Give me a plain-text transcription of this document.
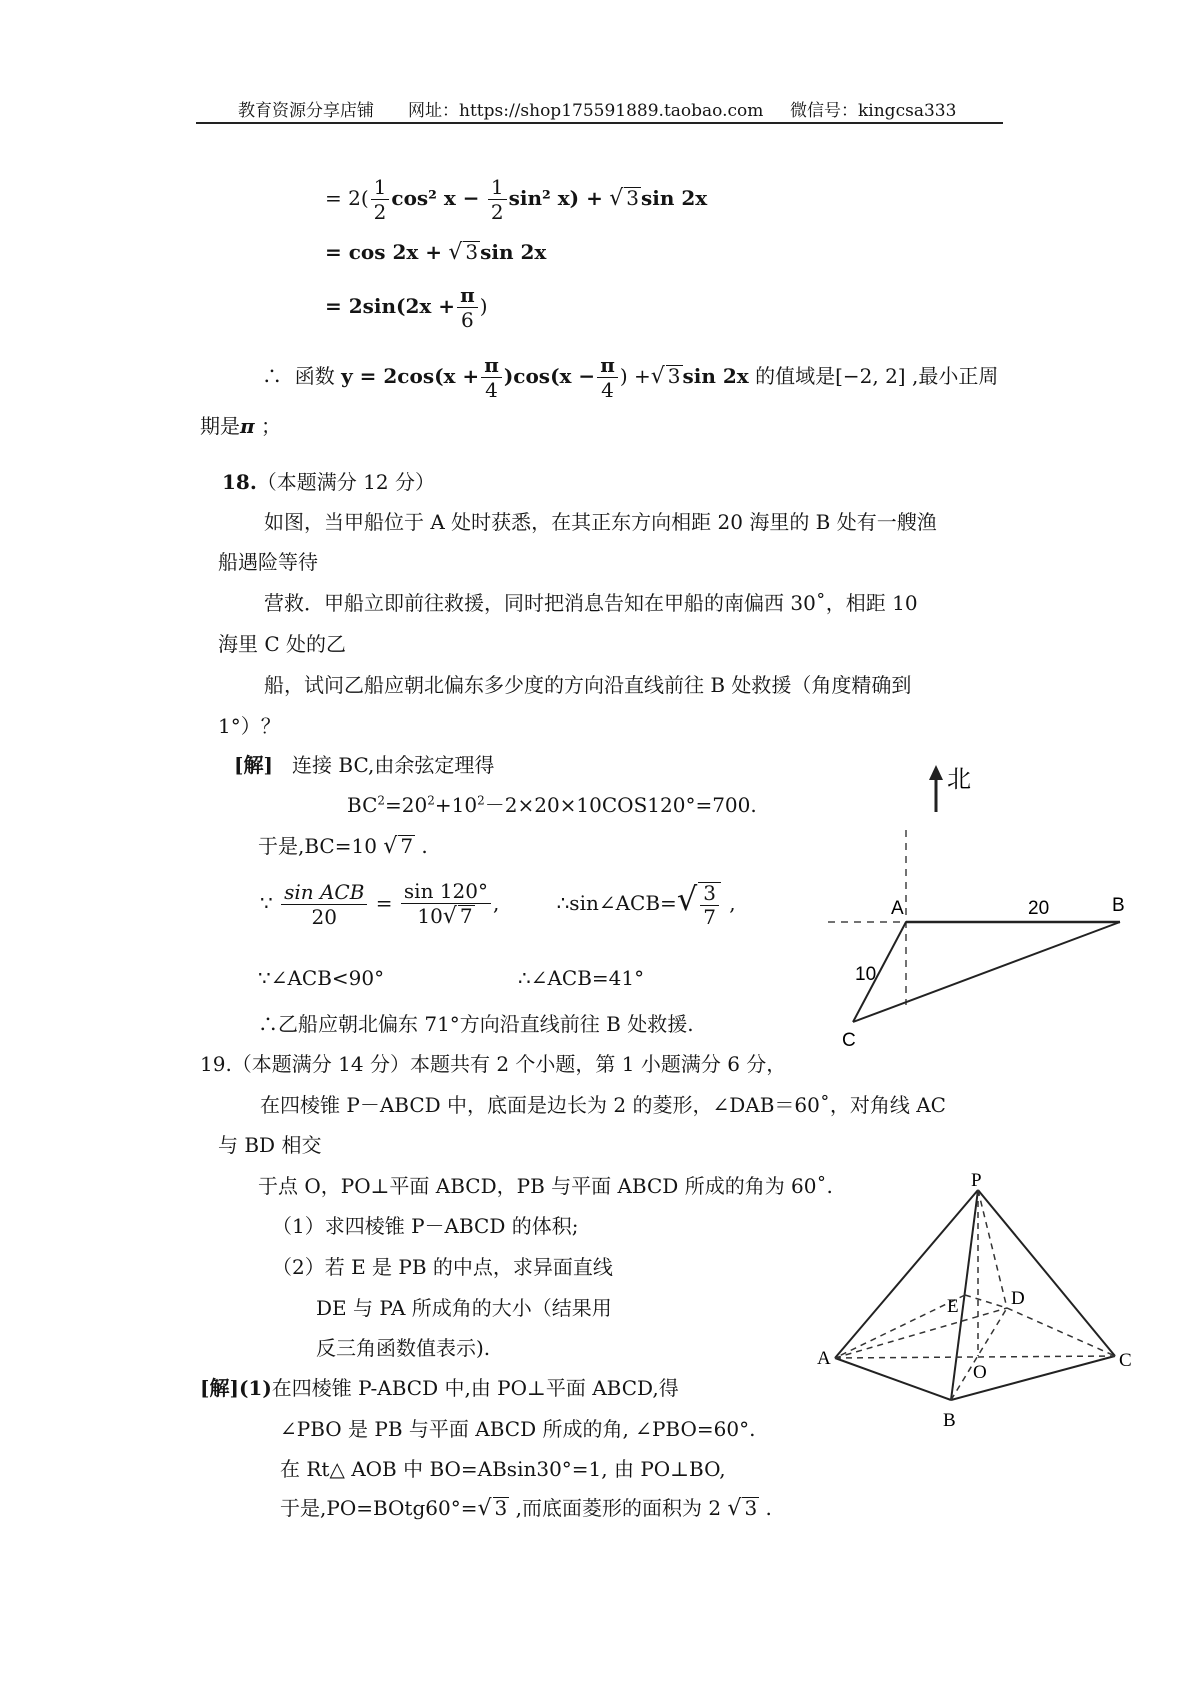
教育资源分享店铺 网址：https://shop175591889.taobao.com 微信号：kingcsa333
= $2( \frac{1}{2} \cos^2$ $x - \frac{1}{2} \sin^2$ x) + √ 3 sin 2x
= cos 2x + √ 3 sin 2x
= $2\sin(2x + \frac{\pi}{6}$ )
∴ 函数 $y = 2\cos(x + \frac{\pi}{4} )\cos(x - \frac{\pi}{4}$ ) +√ 3 sin 2x 的值域是[−2, 2] ,最小正周
期是π ；
18.（本题满分 12 分）
如图，当甲船位于 A 处时获悉，在其正东方向相距 20 海里的 B 处有一艘渔
船遇险等待
营救．甲船立即前往救援，同时把消息告知在甲船的南偏西 30˚，相距 10
海里 C 处的乙
船，试问乙船应朝北偏东多少度的方向沿直线前往 B 处救援（角度精确到
1°）？
[解] 连接 BC,由余弦定理得
$BC^2=20^2+10^2-2\times 20\times 10COS120^\circ=700$.
于是,BC=10 √ 7 .
∵ $\frac{\text{sin ACB}}{20} = \frac{\sin 120^\circ}{10√ 7}$ ,	∴sin∠ACB=√ $\frac{3}{7}$ ,
∵∠ACB<90°	∴∠ACB=41°
∴乙船应朝北偏东 71°方向沿直线前往 B 处救援.
北
A	B
C
20
10
19.（本题满分 14 分）本题共有 2 个小题，第 1 小题满分 6 分，
在四棱锥 P－ABCD 中，底面是边长为 2 的菱形，∠DAB＝60˚，对角线 AC
与 BD 相交
于点 O，PO⊥平面 ABCD，PB 与平面 ABCD 所成的角为 60˚.
（1）求四棱锥 P－ABCD 的体积;
（2）若 E 是 PB 的中点，求异面直线
DE 与 PA 所成角的大小（结果用
反三角函数值表示).
[解](1)在四棱锥 P-ABCD 中,由 PO⊥平面 ABCD,得
∠PBO 是 PB 与平面 ABCD 所成的角, ∠PBO=60°.
在 Rt△ AOB 中 BO=ABsin30°=1, 由 PO⊥BO,
于是,PO=BOtg60°=√ 3 ,而底面菱形的面积为 2 √ 3 .
P
A
B
C
D
E
O
